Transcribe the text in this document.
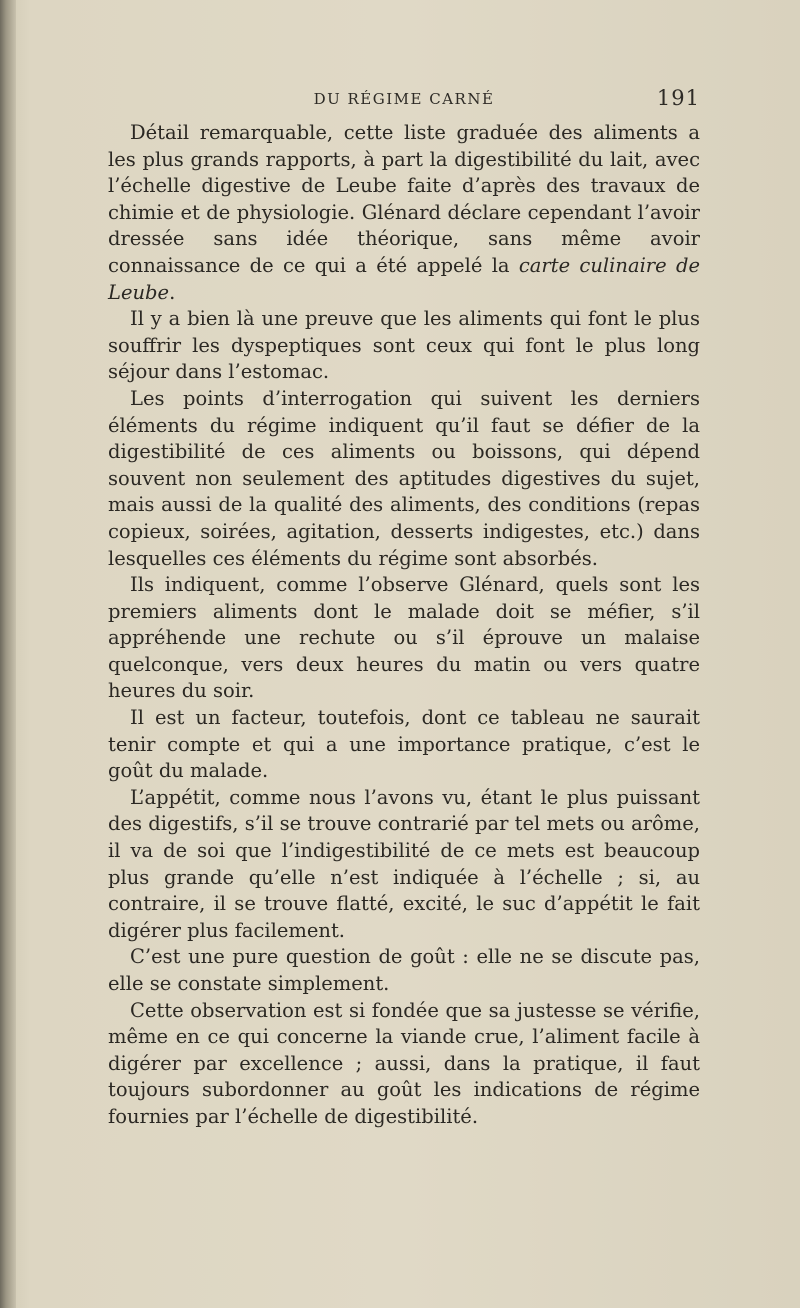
DU RÉGIME CARNÉ	191

Détail remarquable, cette liste graduée des aliments a les plus grands rapports, à part la digestibilité du lait, avec l’échelle digestive de Leube faite d’après des travaux de chimie et de physiologie. Glénard déclare cependant l’avoir dressée sans idée théorique, sans même avoir connaissance de ce qui a été appelé la carte culinaire de Leube.

Il y a bien là une preuve que les aliments qui font le plus souffrir les dyspeptiques sont ceux qui font le plus long séjour dans l’estomac.

Les points d’interrogation qui suivent les derniers éléments du régime indiquent qu’il faut se défier de la digestibilité de ces aliments ou boissons, qui dépend souvent non seulement des aptitudes digestives du sujet, mais aussi de la qualité des aliments, des conditions (repas copieux, soirées, agitation, desserts indigestes, etc.) dans lesquelles ces éléments du régime sont absorbés.

Ils indiquent, comme l’observe Glénard, quels sont les premiers aliments dont le malade doit se méfier, s’il appréhende une rechute ou s’il éprouve un malaise quelconque, vers deux heures du matin ou vers quatre heures du soir.

Il est un facteur, toutefois, dont ce tableau ne saurait tenir compte et qui a une importance pratique, c’est le goût du malade.

L’appétit, comme nous l’avons vu, étant le plus puissant des digestifs, s’il se trouve contrarié par tel mets ou arôme, il va de soi que l’indigestibilité de ce mets est beaucoup plus grande qu’elle n’est indiquée à l’échelle ; si, au contraire, il se trouve flatté, excité, le suc d’appétit le fait digérer plus facilement.

C’est une pure question de goût : elle ne se discute pas, elle se constate simplement.

Cette observation est si fondée que sa justesse se vérifie, même en ce qui concerne la viande crue, l’aliment facile à digérer par excellence ; aussi, dans la pratique, il faut toujours subordonner au goût les indications de régime fournies par l’échelle de digestibilité.
